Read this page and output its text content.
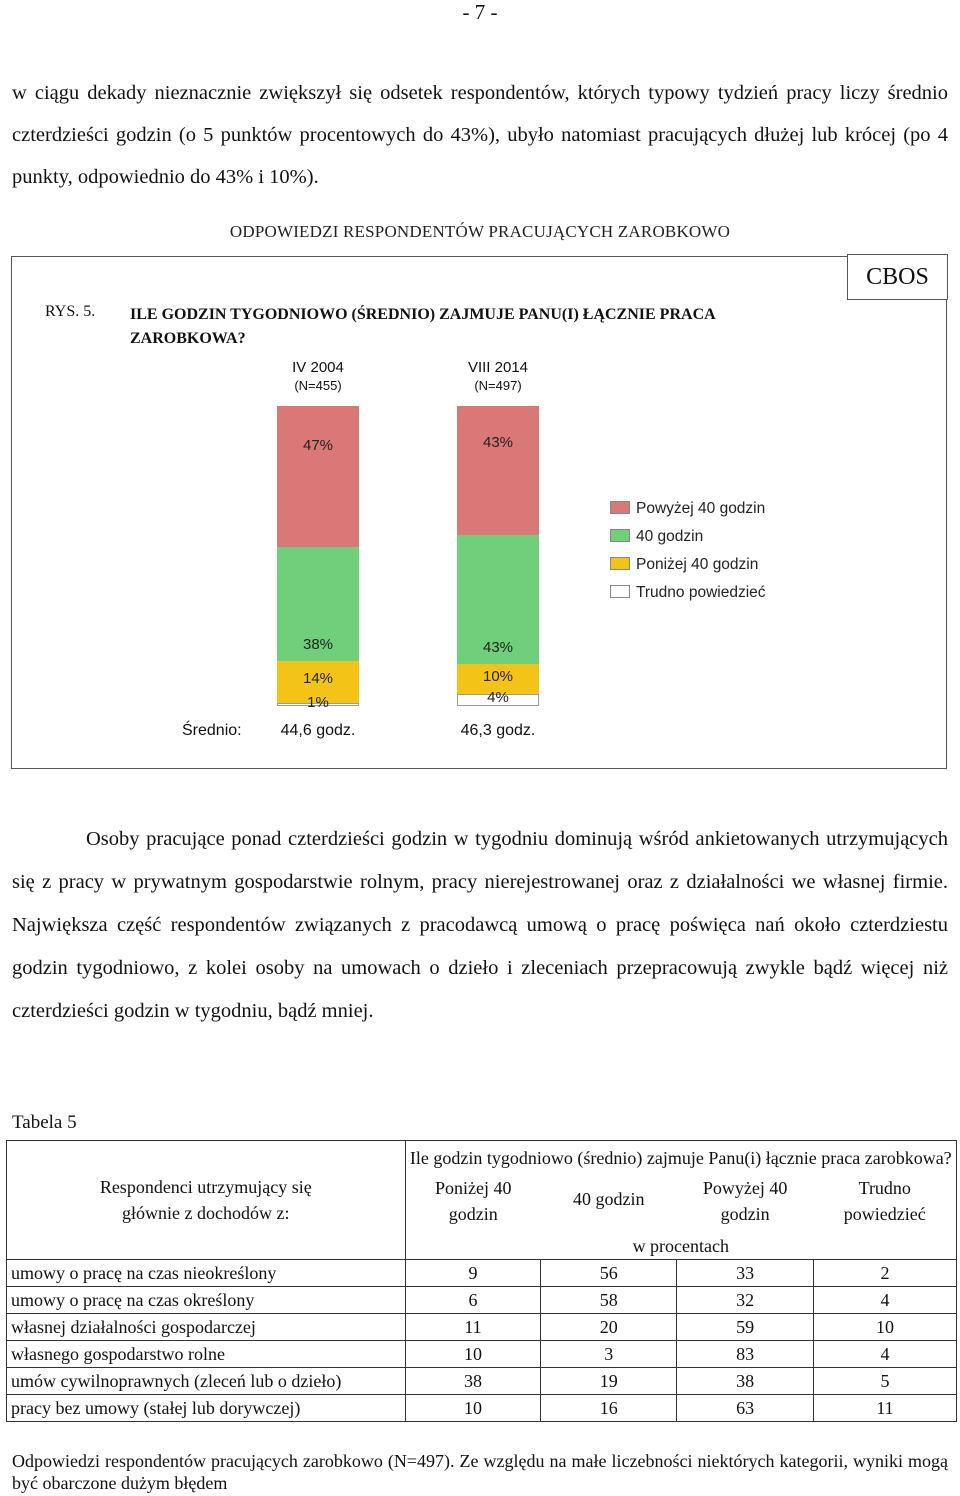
- 7 -
w ciągu dekady nieznacznie zwiększył się odsetek respondentów, których typowy tydzień pracy liczy średnio czterdzieści godzin (o 5 punktów procentowych do 43%), ubyło natomiast pracujących dłużej lub krócej (po 4 punkty, odpowiednio do 43% i 10%).
ODPOWIEDZI RESPONDENTÓW PRACUJĄCYCH ZAROBKOWO
CBOS
RYS. 5. ILE GODZIN TYGODNIOWO (ŚREDNIO) ZAJMUJE PANU(I) ŁĄCZNIE PRACA ZAROBKOWA?
IV 2004
(N=455)
47%
38%
14%
1%
44,6 godz.
VIII 2014
(N=497)
43%
43%
10%
4%
46,3 godz.
Powyżej 40 godzin
40 godzin
Poniżej 40 godzin
Trudno powiedzieć
Średnio:
Osoby pracujące ponad czterdzieści godzin w tygodniu dominują wśród ankietowanych utrzymujących się z pracy w prywatnym gospodarstwie rolnym, pracy nierejestrowanej oraz z działalności we własnej firmie. Największa część respondentów związanych z pracodawcą umową o pracę poświęca nań około czterdziestu godzin tygodniowo, z kolei osoby na umowach o dzieło i zleceniach przepracowują zwykle bądź więcej niż czterdzieści godzin w tygodniu, bądź mniej.
Tabela 5
Respondenci utrzymujący się głównie z dochodów z:	Ile godzin tygodniowo (średnio) zajmuje Panu(i) łącznie praca zarobkowa?			
	Poniżej 40 godzin	40 godzin	Powyżej 40 godzin	Trudno powiedzieć
	w procentach			
umowy o pracę na czas nieokreślony	9	56	33	2
umowy o pracę na czas określony	6	58	32	4
własnej działalności gospodarczej	11	20	59	10
własnego gospodarstwo rolne	10	3	83	4
umów cywilnoprawnych (zleceń lub o dzieło)	38	19	38	5
pracy bez umowy (stałej lub dorywczej)	10	16	63	11
Odpowiedzi respondentów pracujących zarobkowo (N=497). Ze względu na małe liczebności niektórych kategorii, wyniki mogą być obarczone dużym błędem
